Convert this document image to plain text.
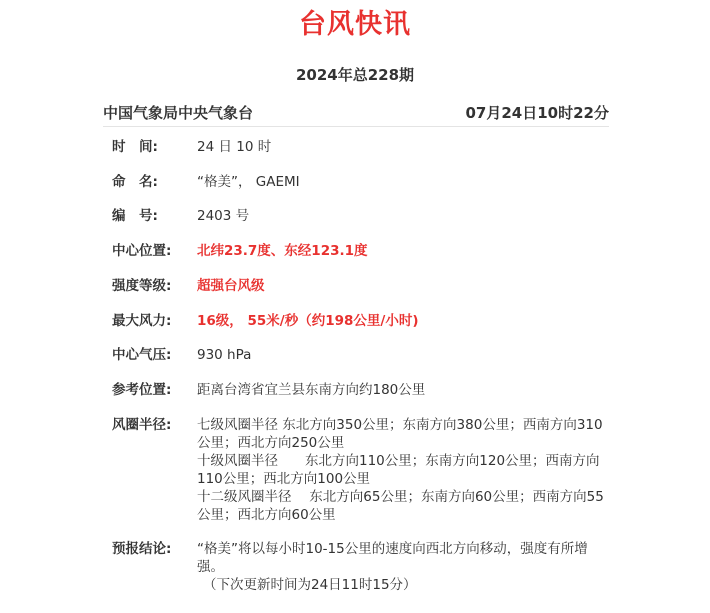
台风快讯
2024年总228期
中国气象局中央气象台	07月24日10时22分
时　间:	24 日 10 时
命　名:	“格美”， GAEMI
编　号:	2403 号
中心位置:	北纬23.7度、东经123.1度
强度等级:	超强台风级
最大风力:	16级， 55米/秒（约198公里/小时)
中心气压:	930 hPa
参考位置:	距离台湾省宜兰县东南方向约180公里
风圈半径:	七级风圈半径 东北方向350公里；东南方向380公里；西南方向310
公里；西北方向250公里
十级风圈半径　　东北方向110公里；东南方向120公里；西南方向
110公里；西北方向100公里
十二级风圈半径　 东北方向65公里；东南方向60公里；西南方向55
公里；西北方向60公里
预报结论:	“格美”将以每小时10-15公里的速度向西北方向移动，强度有所增
强。
（下次更新时间为24日11时15分）
